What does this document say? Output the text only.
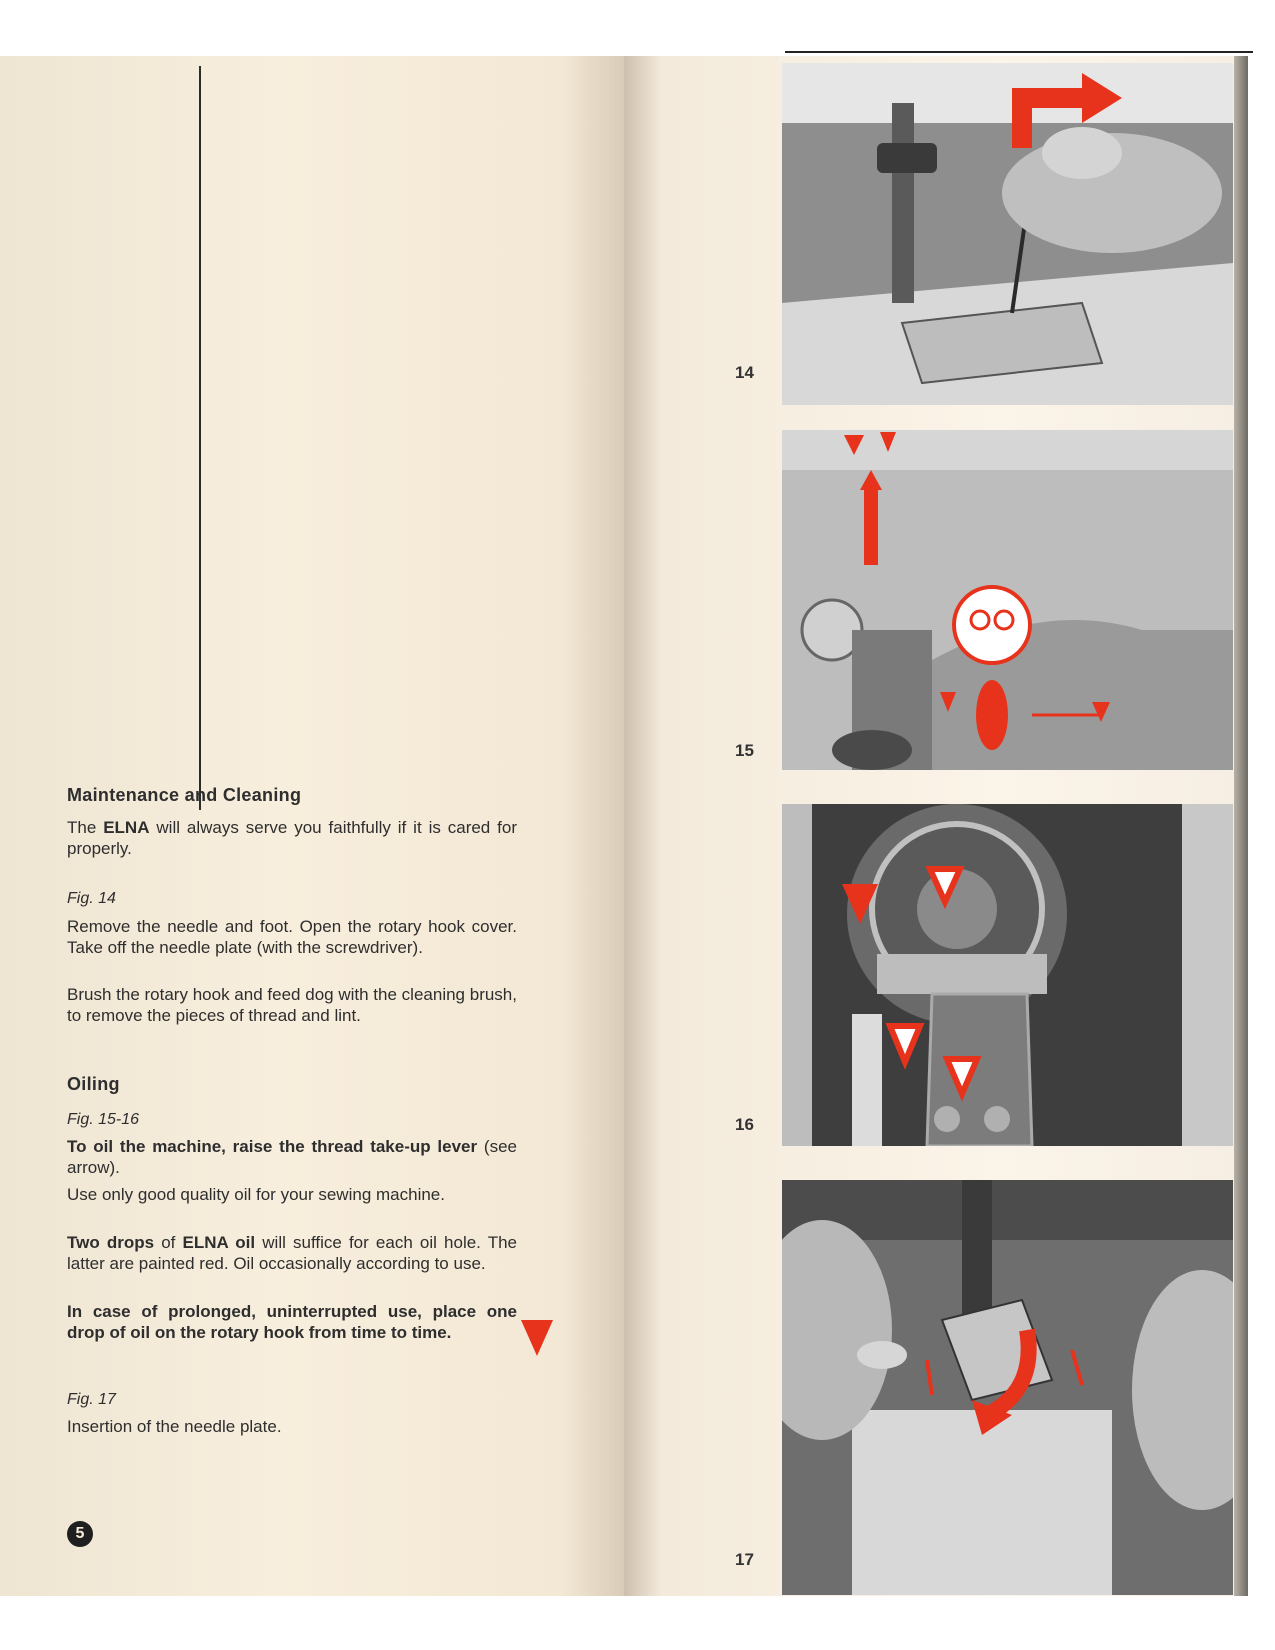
Maintenance and Cleaning
The ELNA will always serve you faithfully if it is cared for properly.
Fig. 14
Remove the needle and foot. Open the rotary hook cover. Take off the needle plate (with the screwdriver).
Brush the rotary hook and feed dog with the cleaning brush, to remove the pieces of thread and lint.
Oiling
Fig. 15-16
To oil the machine, raise the thread take-up lever (see arrow).
Use only good quality oil for your sewing machine.
Two drops of ELNA oil will suffice for each oil hole. The latter are painted red. Oil occasionally according to use.
In case of prolonged, uninterrupted use, place one drop of oil on the rotary hook from time to time.
Fig. 17
Insertion of the needle plate.
5
14
15
16
17
